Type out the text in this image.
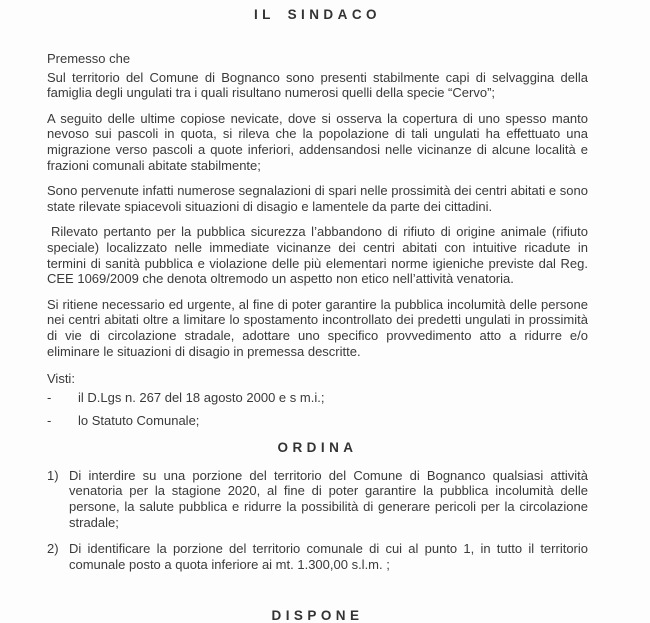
IL SINDACO

Premesso che

Sul territorio del Comune di Bognanco sono presenti stabilmente capi di selvaggina della famiglia degli ungulati tra i quali risultano numerosi quelli della specie “Cervo”;

A seguito delle ultime copiose nevicate, dove si osserva la copertura di uno spesso manto nevoso sui pascoli in quota, si rileva che la popolazione di tali ungulati ha effettuato una migrazione verso pascoli a quote inferiori, addensandosi nelle vicinanze di alcune località e frazioni comunali abitate stabilmente;

Sono pervenute infatti numerose segnalazioni di spari nelle prossimità dei centri abitati e sono state rilevate spiacevoli situazioni di disagio e lamentele da parte dei cittadini.

Rilevato pertanto per la pubblica sicurezza l’abbandono di rifiuto di origine animale (rifiuto speciale) localizzato nelle immediate vicinanze dei centri abitati con intuitive ricadute in termini di sanità pubblica e violazione delle più elementari norme igieniche previste dal Reg. CEE 1069/2009 che denota oltremodo un aspetto non etico nell’attività venatoria.

Si ritiene necessario ed urgente, al fine di poter garantire la pubblica incolumità delle persone nei centri abitati oltre a limitare lo spostamento incontrollato dei predetti ungulati in prossimità di vie di circolazione stradale, adottare uno specifico provvedimento atto a ridurre e/o eliminare le situazioni di disagio in premessa descritte.

Visti:

-	il D.Lgs n. 267 del 18 agosto 2000 e s m.i.;
-	lo Statuto Comunale;
ORDINA
1) Di interdire su una porzione del territorio del Comune di Bognanco qualsiasi attività venatoria per la stagione 2020, al fine di poter garantire la pubblica incolumità delle persone, la salute pubblica e ridurre la possibilità di generare pericoli per la circolazione stradale;
2) Di identificare la porzione del territorio comunale di cui al punto 1, in tutto il territorio comunale posto a quota inferiore ai mt. 1.300,00 s.l.m. ;
DISPONE
